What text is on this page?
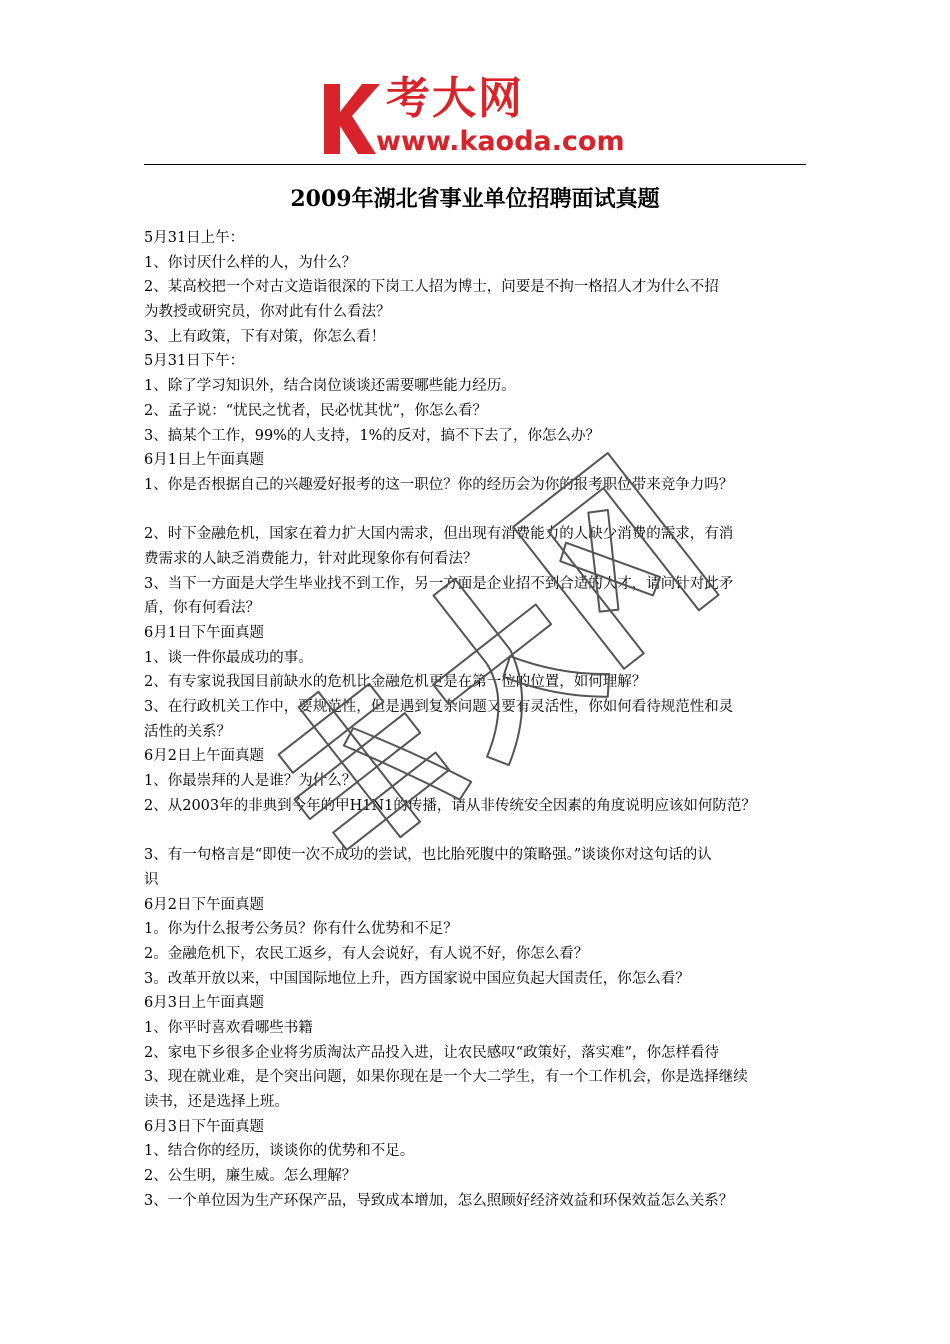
考大网
www.kaoda.com
2009年湖北省事业单位招聘面试真题
5月31日上午：
1、你讨厌什么样的人，为什么？
2、某高校把一个对古文造诣很深的下岗工人招为博士，问要是不拘一格招人才为什么不招
为教授或研究员，你对此有什么看法？
3、上有政策，下有对策，你怎么看！
5月31日下午：
1、除了学习知识外，结合岗位谈谈还需要哪些能力经历。
2、孟子说：“忧民之忧者，民必忧其忧”，你怎么看？
3、搞某个工作，99%的人支持，1%的反对，搞不下去了，你怎么办？
6月1日上午面真题
1、你是否根据自己的兴趣爱好报考的这一职位？你的经历会为你的报考职位带来竞争力吗？
2、时下金融危机，国家在着力扩大国内需求，但出现有消费能力的人缺少消费的需求，有消
费需求的人缺乏消费能力，针对此现象你有何看法？
3、当下一方面是大学生毕业找不到工作，另一方面是企业招不到合适的人才，请问针对此矛
盾，你有何看法？
6月1日下午面真题
1、谈一件你最成功的事。
2、有专家说我国目前缺水的危机比金融危机更是在第一位的位置，如何理解？
3、在行政机关工作中，要规范性，但是遇到复杂问题又要有灵活性，你如何看待规范性和灵
活性的关系？
6月2日上午面真题
1、你最崇拜的人是谁？为什么？
2、从2003年的非典到今年的甲H1N1的传播，请从非传统安全因素的角度说明应该如何防范？
3、有一句格言是“即使一次不成功的尝试，也比胎死腹中的策略强。”谈谈你对这句话的认
识
6月2日下午面真题
1。你为什么报考公务员？你有什么优势和不足？
2。金融危机下，农民工返乡，有人会说好，有人说不好，你怎么看？
3。改革开放以来，中国国际地位上升，西方国家说中国应负起大国责任，你怎么看？
6月3日上午面真题
1、你平时喜欢看哪些书籍
2、家电下乡很多企业将劣质淘汰产品投入进，让农民感叹“政策好，落实难”，你怎样看待
3、现在就业难，是个突出问题，如果你现在是一个大二学生，有一个工作机会，你是选择继续
读书，还是选择上班。
6月3日下午面真题
1、结合你的经历，谈谈你的优势和不足。
2、公生明，廉生威。怎么理解？
3、一个单位因为生产环保产品，导致成本增加，怎么照顾好经济效益和环保效益怎么关系？
